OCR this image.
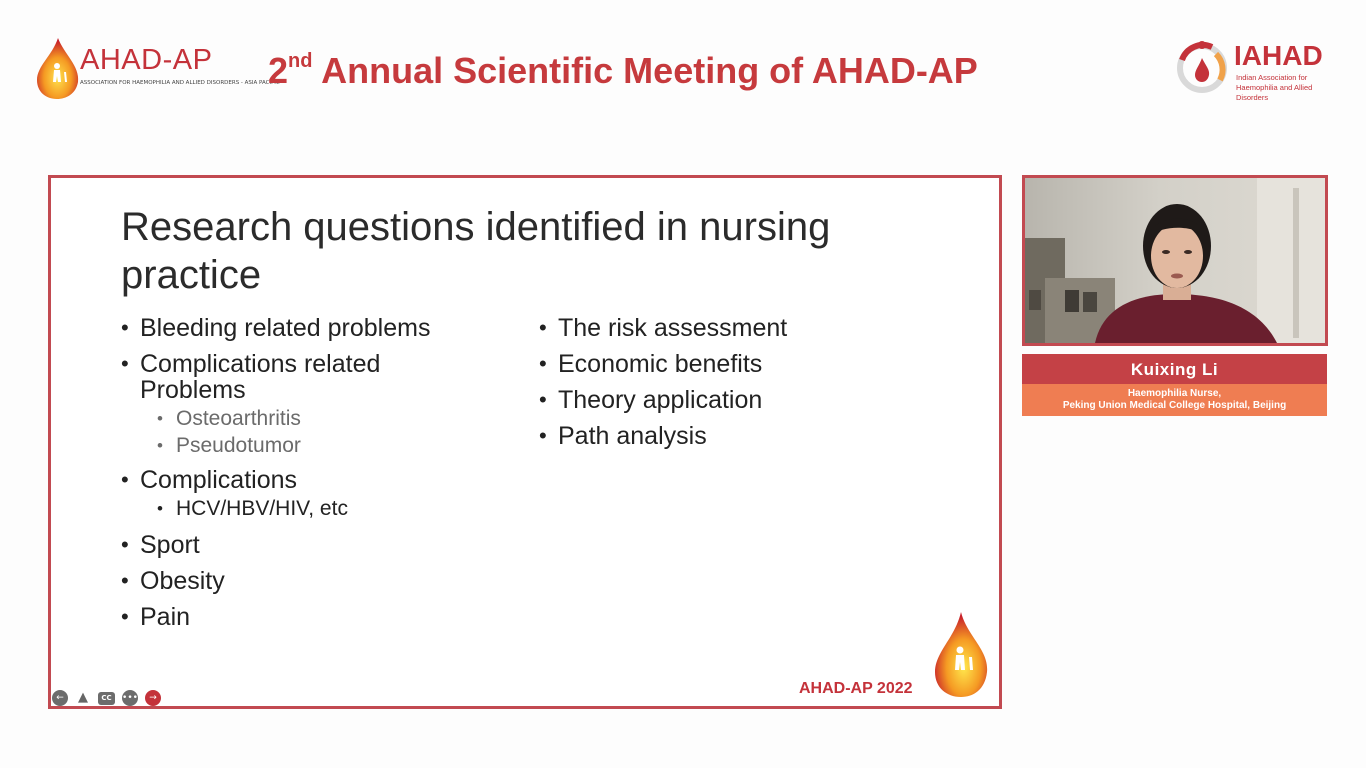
AHAD-AP
ASSOCIATION FOR HAEMOPHILIA AND ALLIED DISORDERS - ASIA PACIFIC
2nd Annual Scientific Meeting of AHAD-AP	IAHAD
Indian Association for Haemophilia and Allied Disorders
Research questions identified in nursing practice
• Bleeding related problems
• Complications related Problems
• Osteoarthritis
• Pseudotumor
• Complications
• HCV/HBV/HIV, etc
• Sport
• Obesity
• Pain
• The risk assessment
• Economic benefits
• Theory application
• Path analysis
AHAD-AP 2022
←	▲	CC	•••	→
Kuixing Li
Haemophilia Nurse,
Peking Union Medical College Hospital, Beijing
